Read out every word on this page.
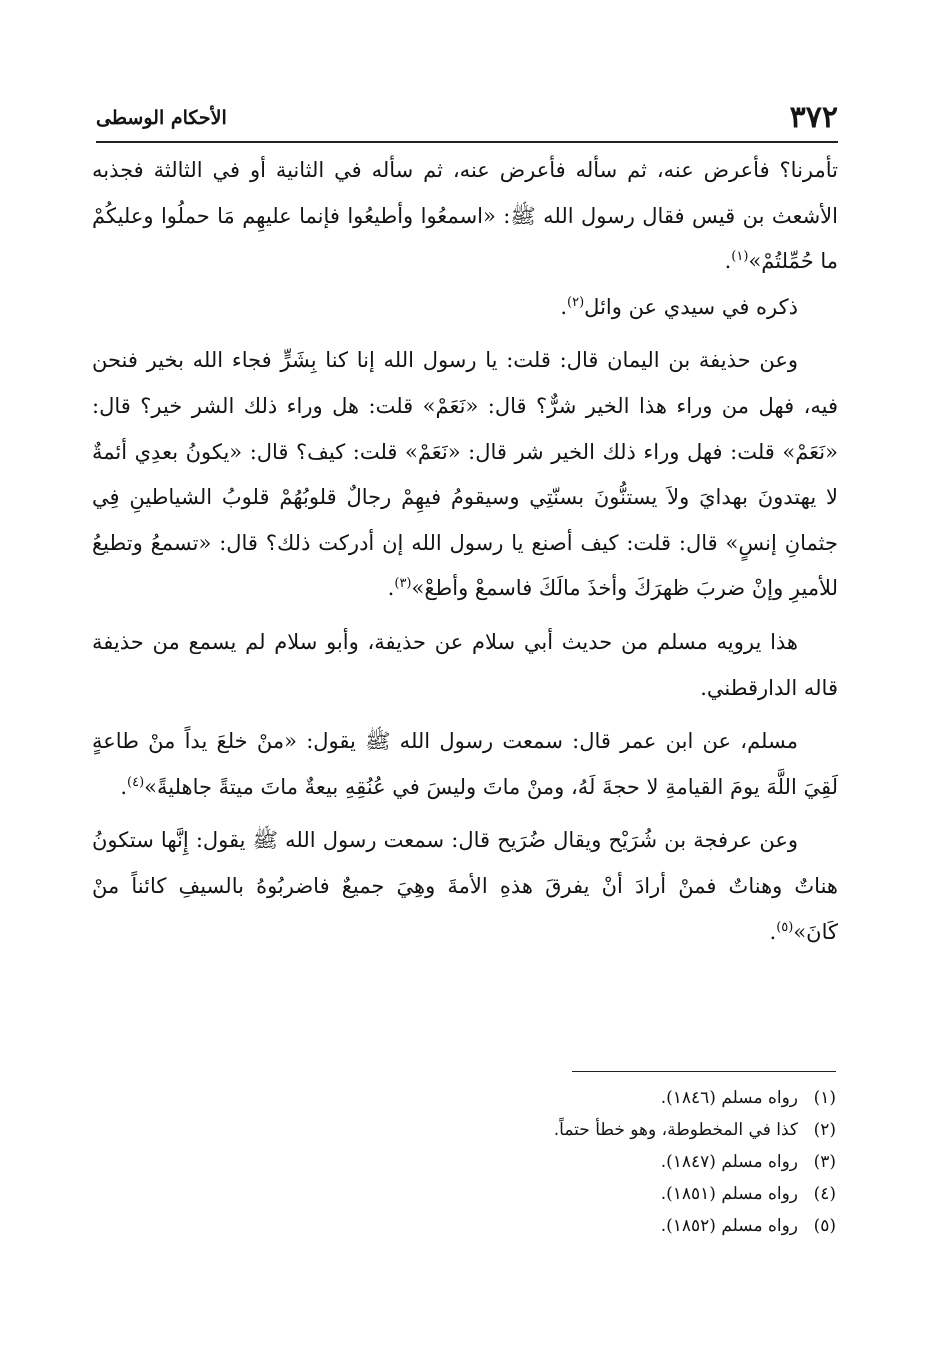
٣٧٢
الأحكام الوسطى

تأمرنا؟ فأعرض عنه، ثم سأله فأعرض عنه، ثم سأله في الثانية أو في الثالثة فجذبه الأشعث بن قيس فقال رسول الله ﷺ: «اسمعُوا وأطيعُوا فإنما عليهِم مَا حملُوا وعليكُمْ ما حُمِّلتُمْ»$^{(١)}$.

ذكره في سيدي عن وائل$^{(٢)}$.

وعن حذيفة بن اليمان قال: قلت: يا رسول الله إنا كنا بِشَرٍّ فجاء الله بخير فنحن فيه، فهل من وراء هذا الخير شرٌّ؟ قال: «نَعَمْ» قلت: هل وراء ذلك الشر خير؟ قال: «نَعَمْ» قلت: فهل وراء ذلك الخير شر قال: «نَعَمْ» قلت: كيف؟ قال: «يكونُ بعدِي أئمةٌ لا يهتدونَ بهدايَ ولاَ يستنُّونَ بسنّتِي وسيقومُ فيهِمْ رجالٌ قلوبُهُمْ قلوبُ الشياطينِ فِي جثمانِ إنسٍ» قال: قلت: كيف أصنع يا رسول الله إن أدركت ذلك؟ قال: «تسمعُ وتطيعُ للأميرِ وإنْ ضربَ ظهرَكَ وأخذَ مالَكَ فاسمعْ وأطعْ»$^{(٣)}$.

هذا يرويه مسلم من حديث أبي سلام عن حذيفة، وأبو سلام لم يسمع من حذيفة قاله الدارقطني.

مسلم، عن ابن عمر قال: سمعت رسول الله ﷺ يقول: «منْ خلعَ يداً منْ طاعةٍ لَقِيَ اللَّهَ يومَ القيامةِ لا حجةَ لَهُ، ومنْ ماتَ وليسَ في عُنُقِهِ بيعةٌ ماتَ ميتةً جاهليةً»$^{(٤)}$.

وعن عرفجة بن شُرَيْح ويقال ضُرَيح قال: سمعت رسول الله ﷺ يقول: إِنَّها ستكونُ هناتٌ وهناتٌ فمنْ أرادَ أنْ يفرقَ هذهِ الأمةَ وهِيَ جميعٌ فاضربُوهُ بالسيفِ كائناً منْ كَانَ»$^{(٥)}$.

(١)رواه مسلم (١٨٤٦).

(٢)كذا في المخطوطة، وهو خطأ حتماً.

(٣)رواه مسلم (١٨٤٧).

(٤)رواه مسلم (١٨٥١).

(٥)رواه مسلم (١٨٥٢).
